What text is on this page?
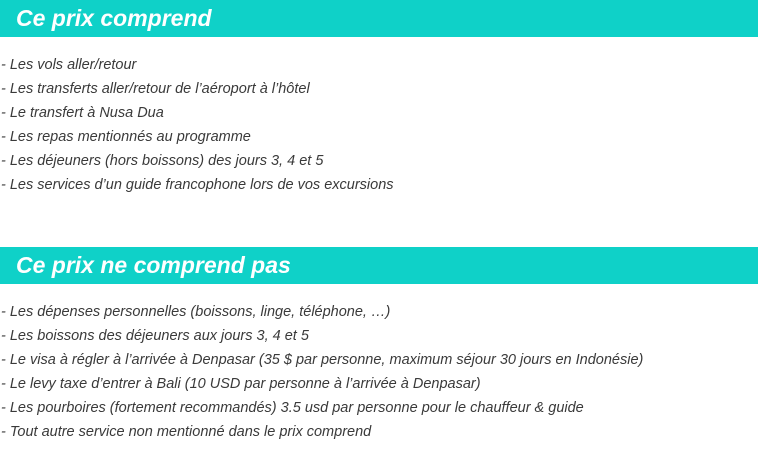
Ce prix comprend
- Les vols aller/retour
- Les transferts aller/retour de l’aéroport à l’hôtel
- Le transfert à Nusa Dua
- Les repas mentionnés au programme
- Les déjeuners (hors boissons) des jours 3, 4 et 5
- Les services d’un guide francophone lors de vos excursions
Ce prix ne comprend pas
- Les dépenses personnelles (boissons, linge, téléphone, …)
- Les boissons des déjeuners aux jours 3, 4 et 5
- Le visa à régler à l’arrivée à Denpasar (35 $ par personne, maximum séjour 30 jours en Indonésie)
- Le levy taxe d’entrer à Bali (10 USD par personne à l’arrivée à Denpasar)
- Les pourboires (fortement recommandés) 3.5 usd par personne pour le chauffeur & guide
- Tout autre service non mentionné dans le prix comprend
